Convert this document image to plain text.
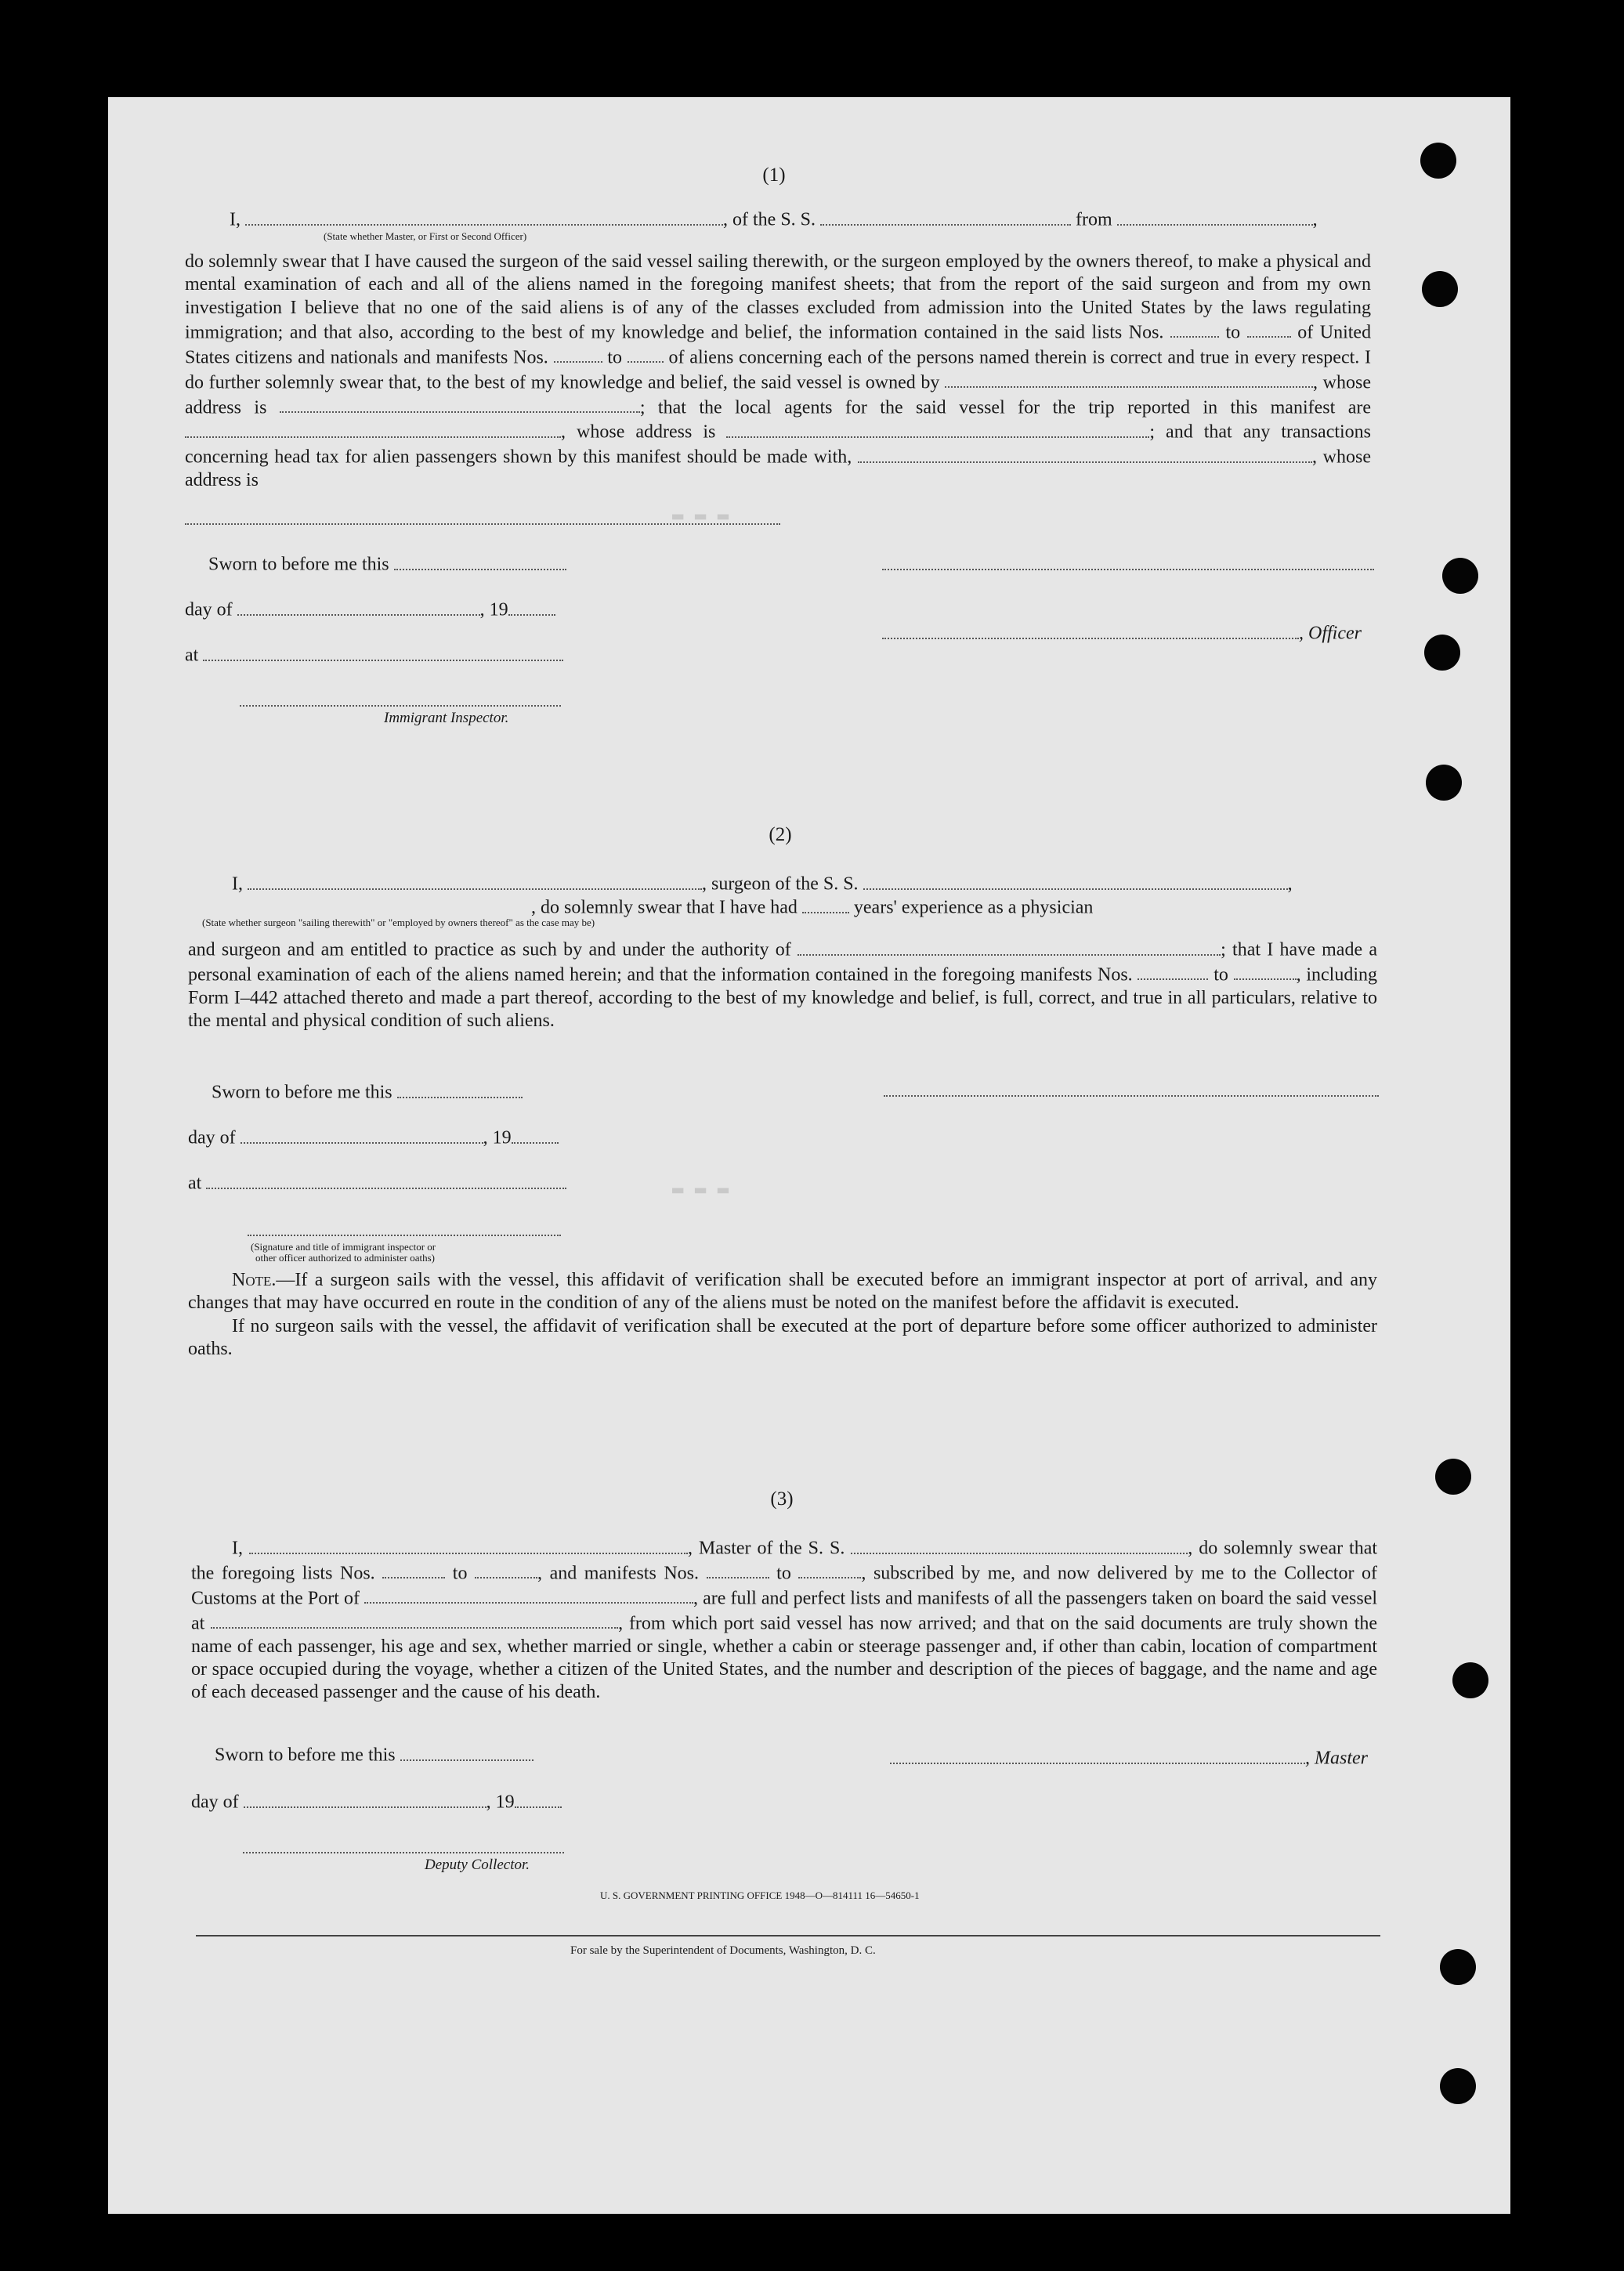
▬ ▬ ▬
▬ ▬ ▬
(1)
I,	, of the S. S.	from	,
(State whether Master, or First or Second Officer)

do solemnly swear that I have caused the surgeon of the said vessel sailing therewith, or the surgeon employed by the owners thereof, to make a physical and mental examination of each and all of the aliens named in the foregoing manifest sheets; that from the report of the said surgeon and from my own investigation I believe that no one of the said aliens is of any of the classes excluded from admission into the United States by the laws regulating immigration; and that also, according to the best of my knowledge and belief, the information contained in the said lists Nos.	to	of United States citizens and nationals and manifests Nos.	to of aliens concerning each of the persons named therein is correct and true in every respect. I do further solemnly swear that, to the best of my knowledge and belief, the said vessel is owned by	, whose address is	; that the local agents for the said vessel for the trip reported in this manifest are , whose address is	; and that any transactions concerning head tax for alien passengers shown by this manifest should be made with,	, whose address is

Sworn to before me this
day of	, 19
at
Immigrant Inspector.
, Officer
(2)
I,	, surgeon of the S. S.	,
, do solemnly swear that I have had	years' experience as a physician
(State whether surgeon "sailing therewith" or "employed by owners thereof" as the case may be)

and surgeon and am entitled to practice as such by and under the authority of	; that I have made a personal examination of each of the aliens named herein; and that the information contained in the foregoing manifests Nos.	to	, including Form I–442 attached thereto and made a part thereof, according to the best of my knowledge and belief, is full, correct, and true in all particulars, relative to the mental and physical condition of such aliens.

Sworn to before me this
day of	, 19
at
(Signature and title of immigrant inspector or
other officer authorized to administer oaths)

Note.—If a surgeon sails with the vessel, this affidavit of verification shall be executed before an immigrant inspector at port of arrival, and any changes that may have occurred en route in the condition of any of the aliens must be noted on the manifest before the affidavit is executed.

If no surgeon sails with the vessel, the affidavit of verification shall be executed at the port of departure before some officer authorized to administer oaths.

(3)

I,	, Master of the S. S.	, do solemnly swear that the foregoing lists Nos.	to	, and manifests Nos.	to	, subscribed by me, and now delivered by me to the Collector of Customs at the Port of	, are full and perfect lists and manifests of all the passengers taken on board the said vessel at	, from which port said vessel has now arrived; and that on the said documents are truly shown the name of each passenger, his age and sex, whether married or single, whether a cabin or steerage passenger and, if other than cabin, location of compartment or space occupied during the voyage, whether a citizen of the United States, and the number and description of the pieces of baggage, and the name and age of each deceased passenger and the cause of his death.

Sworn to before me this	, Master
day of	, 19
Deputy Collector.
U. S. GOVERNMENT PRINTING OFFICE 1948—O—814111 16—54650-1
For sale by the Superintendent of Documents, Washington, D. C.
